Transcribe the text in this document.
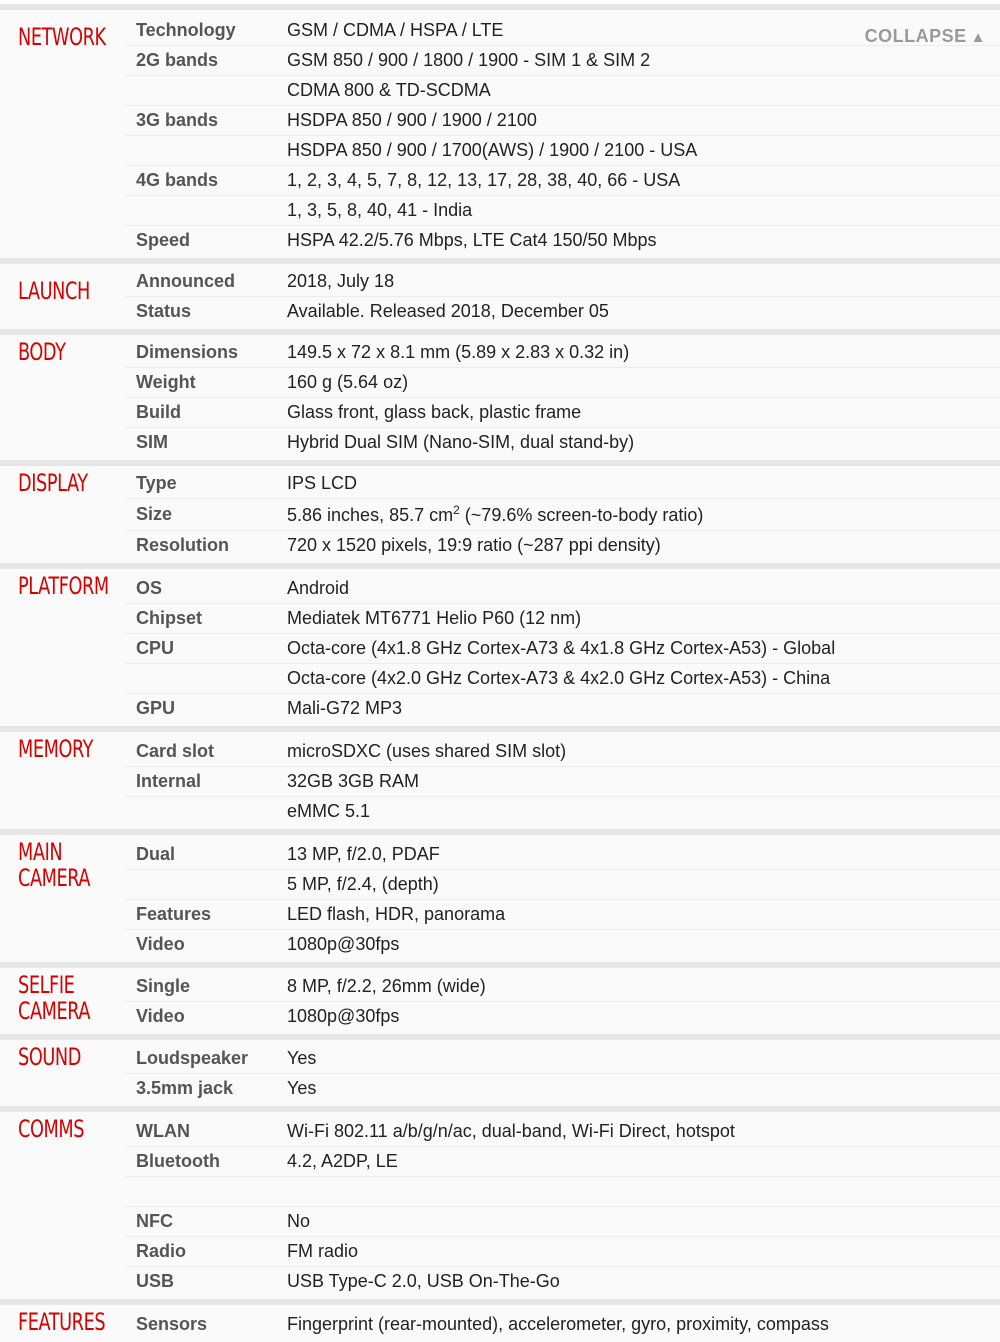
COLLAPSE ▲
NETWORK	Technology	GSM / CDMA / HSPA / LTE
2G bands	GSM 850 / 900 / 1800 / 1900 - SIM 1 & SIM 2
CDMA 800 & TD-SCDMA
3G bands	HSDPA 850 / 900 / 1900 / 2100
HSDPA 850 / 900 / 1700(AWS) / 1900 / 2100 - USA
4G bands	1, 2, 3, 4, 5, 7, 8, 12, 13, 17, 28, 38, 40, 66 - USA
1, 3, 5, 8, 40, 41 - India
Speed	HSPA 42.2/5.76 Mbps, LTE Cat4 150/50 Mbps
LAUNCH	Announced	2018, July 18
Status	Available. Released 2018, December 05
BODY	Dimensions	149.5 x 72 x 8.1 mm (5.89 x 2.83 x 0.32 in)
Weight	160 g (5.64 oz)
Build	Glass front, glass back, plastic frame
SIM	Hybrid Dual SIM (Nano-SIM, dual stand-by)
DISPLAY	Type	IPS LCD
Size	5.86 inches, 85.7 $cm^2$ (~79.6% screen-to-body ratio)
Resolution	720 x 1520 pixels, 19:9 ratio (~287 ppi density)
PLATFORM	OS	Android
Chipset	Mediatek MT6771 Helio P60 (12 nm)
CPU	Octa-core (4x1.8 GHz Cortex-A73 & 4x1.8 GHz Cortex-A53) - Global
Octa-core (4x2.0 GHz Cortex-A73 & 4x2.0 GHz Cortex-A53) - China
GPU	Mali-G72 MP3
MEMORY	Card slot	microSDXC (uses shared SIM slot)
Internal	32GB 3GB RAM
eMMC 5.1
MAIN CAMERA
Dual	13 MP, f/2.0, PDAF
5 MP, f/2.4, (depth)
Features	LED flash, HDR, panorama
Video	1080p@30fps
SELFIE CAMERA
Single	8 MP, f/2.2, 26mm (wide)
Video	1080p@30fps
SOUND	Loudspeaker	Yes
3.5mm jack	Yes
COMMS	WLAN	Wi-Fi 802.11 a/b/g/n/ac, dual-band, Wi-Fi Direct, hotspot
Bluetooth	4.2, A2DP, LE
NFC	No
Radio	FM radio
USB	USB Type-C 2.0, USB On-The-Go
FEATURES	Sensors	Fingerprint (rear-mounted), accelerometer, gyro, proximity, compass
